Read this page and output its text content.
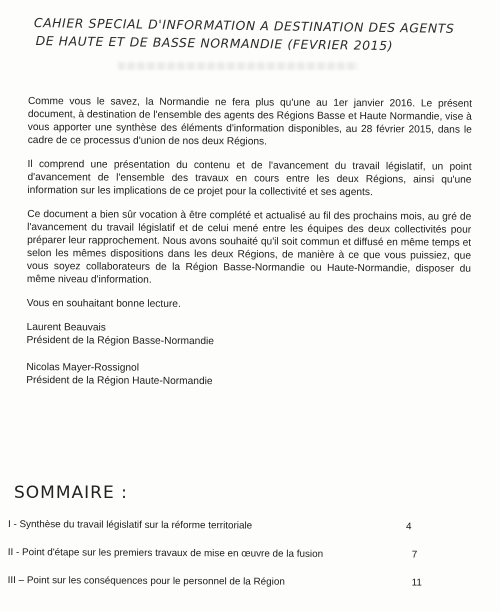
CAHIER SPECIAL D'INFORMATION A DESTINATION DES AGENTS
DE HAUTE ET DE BASSE NORMANDIE (FEVRIER 2015)

Comme vous le savez, la Normandie ne fera plus qu'une au 1er janvier 2016. Le présent document, à destination de l'ensemble des agents des Régions Basse et Haute Normandie, vise à vous apporter une synthèse des éléments d'information disponibles, au 28 février 2015, dans le cadre de ce processus d'union de nos deux Régions.

Il comprend une présentation du contenu et de l'avancement du travail législatif, un point d'avancement de l'ensemble des travaux en cours entre les deux Régions, ainsi qu'une information sur les implications de ce projet pour la collectivité et ses agents.

Ce document a bien sûr vocation à être complété et actualisé au fil des prochains mois, au gré de l'avancement du travail législatif et de celui mené entre les équipes des deux collectivités pour préparer leur rapprochement. Nous avons souhaité qu'il soit commun et diffusé en même temps et selon les mêmes dispositions dans les deux Régions, de manière à ce que vous puissiez, que vous soyez collaborateurs de la Région Basse-Normandie ou Haute-Normandie, disposer du même niveau d'information.

Vous en souhaitant bonne lecture.

Laurent Beauvais
Président de la Région Basse-Normandie
Nicolas Mayer-Rossignol
Président de la Région Haute-Normandie
SOMMAIRE :
I - Synthèse du travail législatif sur la réforme territoriale	4
II - Point d'étape sur les premiers travaux de mise en œuvre de la fusion	7
III – Point sur les conséquences pour le personnel de la Région	11
